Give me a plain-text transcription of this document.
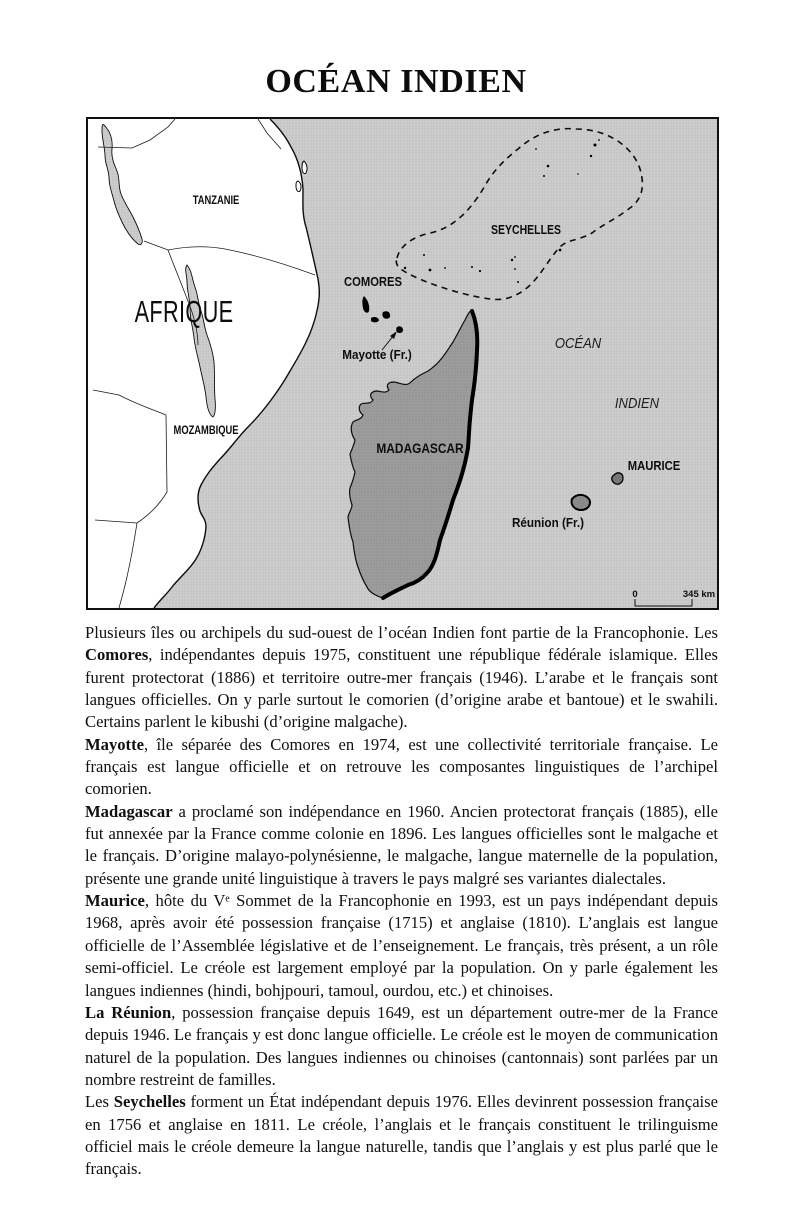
OCÉAN INDIEN
TANZANIE
AFRIQUE
MOZAMBIQUE
COMORES
Mayotte (Fr.)
SEYCHELLES
MADAGASCAR
OCÉAN
INDIEN
MAURICE
Réunion (Fr.)
0	345 km

Plusieurs îles ou archipels du sud-ouest de l’océan Indien font partie de la Francophonie. Les Comores, indépendantes depuis 1975, constituent une république fédérale islamique. Elles furent protectorat (1886) et territoire outre-mer français (1946). L’arabe et le français sont langues officielles. On y parle surtout le comorien (d’origine arabe et bantoue) et le swahili. Certains parlent le kibushi (d’origine malgache).

Mayotte, île séparée des Comores en 1974, est une collectivité territoriale française. Le français est langue officielle et on retrouve les composantes linguistiques de l’archipel comorien.

Madagascar a proclamé son indépendance en 1960. Ancien protectorat français (1885), elle fut annexée par la France comme colonie en 1896. Les langues officielles sont le malgache et le français. D’origine malayo-polynésienne, le malgache, langue maternelle de la population, présente une grande unité linguistique à travers le pays malgré ses variantes dialectales.

Maurice, hôte du Vᵉ Sommet de la Francophonie en 1993, est un pays indépendant depuis 1968, après avoir été possession française (1715) et anglaise (1810). L’anglais est langue officielle de l’Assemblée législative et de l’enseignement. Le français, très présent, a un rôle semi-officiel. Le créole est largement employé par la population. On y parle également les langues indiennes (hindi, bohjpouri, tamoul, ourdou, etc.) et chinoises.

La Réunion, possession française depuis 1649, est un département outre-mer de la France depuis 1946. Le français y est donc langue officielle. Le créole est le moyen de communication naturel de la population. Des langues indiennes ou chinoises (cantonnais) sont parlées par un nombre restreint de familles.

Les Seychelles forment un État indépendant depuis 1976. Elles devinrent possession française en 1756 et anglaise en 1811. Le créole, l’anglais et le français constituent le trilinguisme officiel mais le créole demeure la langue naturelle, tandis que l’anglais y est plus parlé que le français.
